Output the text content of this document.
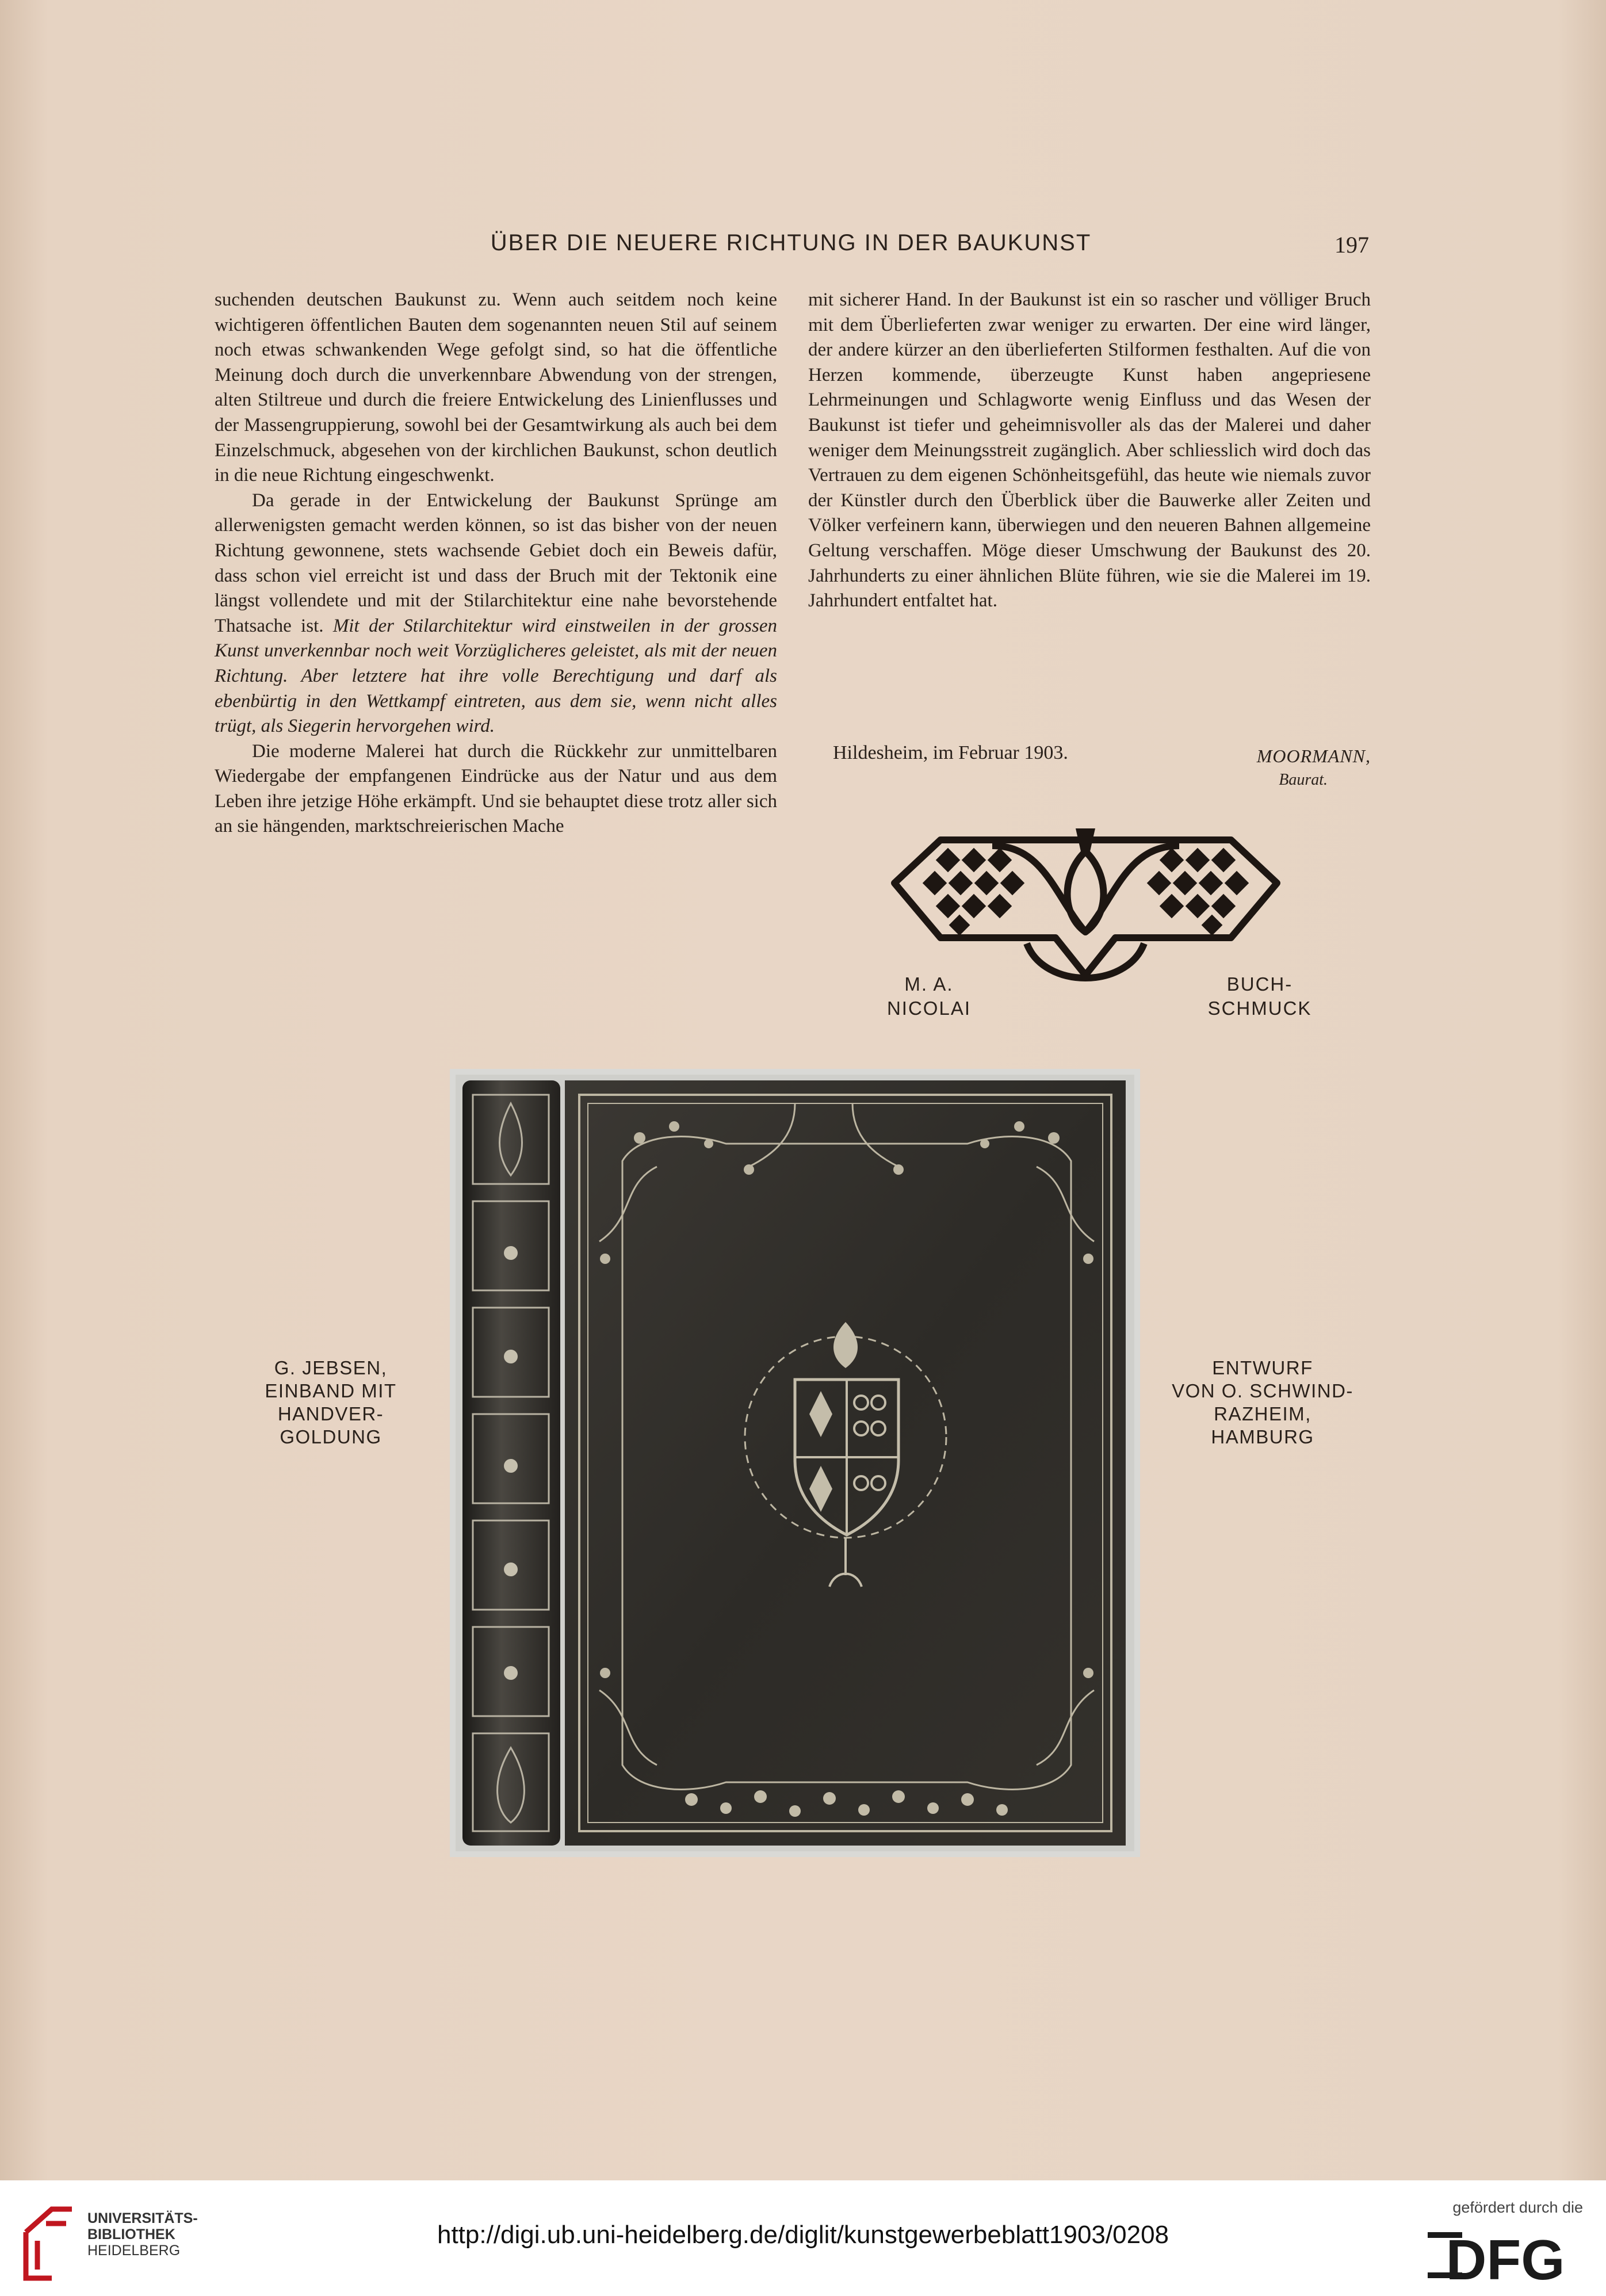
ÜBER DIE NEUERE RICHTUNG IN DER BAUKUNST	197

suchenden deutschen Baukunst zu. Wenn auch seitdem noch keine wichtigeren öffentlichen Bauten dem sogenannten neuen Stil auf seinem noch etwas schwankenden Wege gefolgt sind, so hat die öffentliche Meinung doch durch die unverkennbare Abwendung von der strengen, alten Stiltreue und durch die freiere Entwickelung des Linienflusses und der Massengruppierung, sowohl bei der Gesamtwirkung als auch bei dem Einzelschmuck, abgesehen von der kirchlichen Baukunst, schon deutlich in die neue Richtung eingeschwenkt.

Da gerade in der Entwickelung der Baukunst Sprünge am allerwenigsten gemacht werden können, so ist das bisher von der neuen Richtung gewonnene, stets wachsende Gebiet doch ein Beweis dafür, dass schon viel erreicht ist und dass der Bruch mit der Tektonik eine längst vollendete und mit der Stilarchitektur eine nahe bevorstehende Thatsache ist. Mit der Stilarchitektur wird einstweilen in der grossen Kunst unverkennbar noch weit Vorzüglicheres geleistet, als mit der neuen Richtung. Aber letztere hat ihre volle Berechtigung und darf als ebenbürtig in den Wettkampf eintreten, aus dem sie, wenn nicht alles trügt, als Siegerin hervorgehen wird.

Die moderne Malerei hat durch die Rückkehr zur unmittelbaren Wiedergabe der empfangenen Eindrücke aus der Natur und aus dem Leben ihre jetzige Höhe erkämpft. Und sie behauptet diese trotz aller sich an sie hängenden, marktschreierischen Mache

mit sicherer Hand. In der Baukunst ist ein so rascher und völliger Bruch mit dem Überlieferten zwar weniger zu erwarten. Der eine wird länger, der andere kürzer an den überlieferten Stilformen festhalten. Auf die von Herzen kommende, überzeugte Kunst haben angepriesene Lehrmeinungen und Schlagworte wenig Einfluss und das Wesen der Baukunst ist tiefer und geheimnisvoller als das der Malerei und daher weniger dem Meinungsstreit zugänglich. Aber schliesslich wird doch das Vertrauen zu dem eigenen Schönheitsgefühl, das heute wie niemals zuvor der Künstler durch den Überblick über die Bauwerke aller Zeiten und Völker verfeinern kann, überwiegen und den neueren Bahnen allgemeine Geltung verschaffen. Möge dieser Umschwung der Baukunst des 20. Jahrhunderts zu einer ähnlichen Blüte führen, wie sie die Malerei im 19. Jahrhundert entfaltet hat.

Hildesheim, im Februar 1903.	MOORMANN,
Baurat.
M. A.
NICOLAI
BUCH-
SCHMUCK
G. JEBSEN,
EINBAND MIT
HANDVER-
GOLDUNG
ENTWURF
VON O. SCHWIND-
RAZHEIM,
HAMBURG
UNIVERSITÄTS-
BIBLIOTHEK
HEIDELBERG
http://digi.ub.uni-heidelberg.de/diglit/kunstgewerbeblatt1903/0208
gefördert durch die
DFG
